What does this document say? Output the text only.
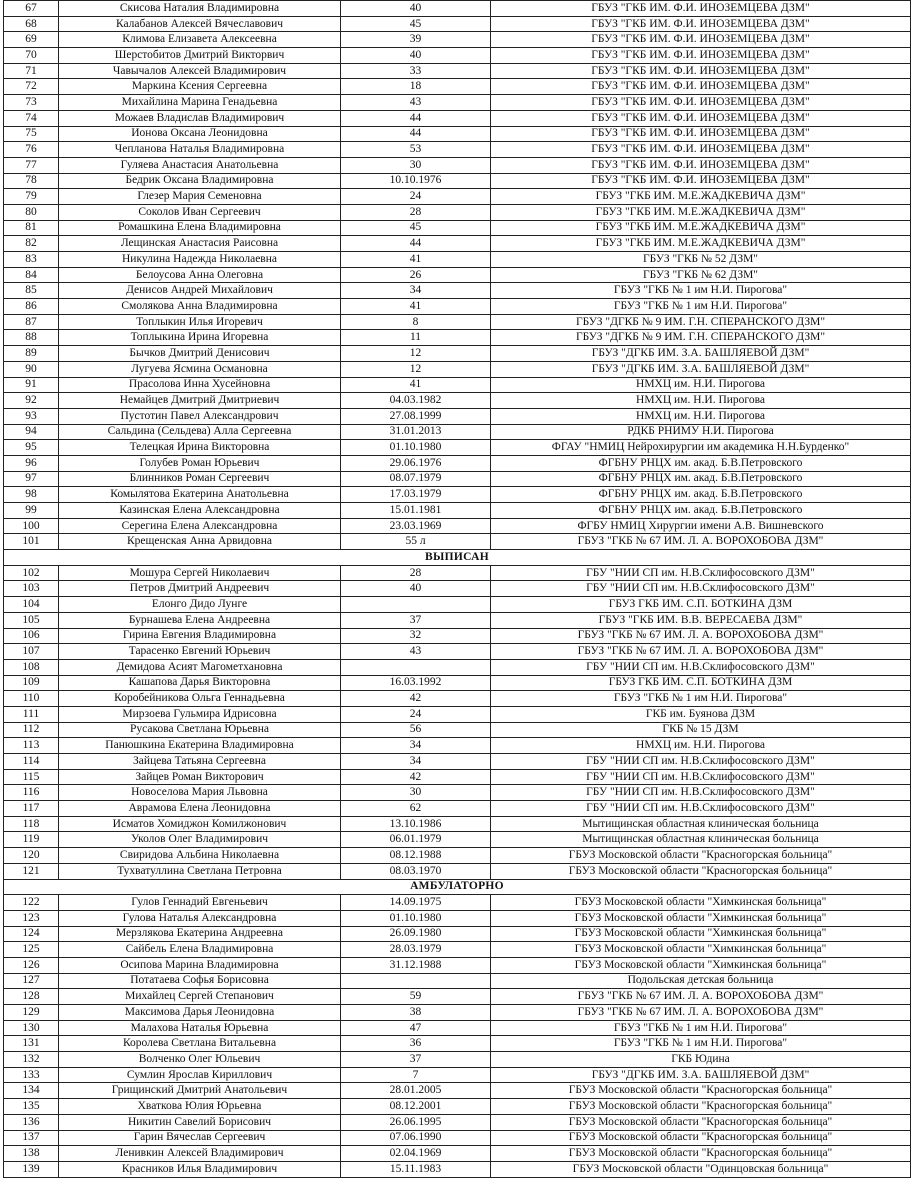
67	Скисова Наталия Владимировна	40	ГБУЗ "ГКБ ИМ. Ф.И. ИНОЗЕМЦЕВА ДЗМ"
68	Калабанов Алексей Вячеславович	45	ГБУЗ "ГКБ ИМ. Ф.И. ИНОЗЕМЦЕВА ДЗМ"
69	Климова Елизавета Алексеевна	39	ГБУЗ "ГКБ ИМ. Ф.И. ИНОЗЕМЦЕВА ДЗМ"
70	Шерстобитов Дмитрий Викторвич	40	ГБУЗ "ГКБ ИМ. Ф.И. ИНОЗЕМЦЕВА ДЗМ"
71	Чавычалов Алексей Владимирович	33	ГБУЗ "ГКБ ИМ. Ф.И. ИНОЗЕМЦЕВА ДЗМ"
72	Маркина Ксения Сергеевна	18	ГБУЗ "ГКБ ИМ. Ф.И. ИНОЗЕМЦЕВА ДЗМ"
73	Михайлина Марина Генадьевна	43	ГБУЗ "ГКБ ИМ. Ф.И. ИНОЗЕМЦЕВА ДЗМ"
74	Можаев Владислав Владимирович	44	ГБУЗ "ГКБ ИМ. Ф.И. ИНОЗЕМЦЕВА ДЗМ"
75	Ионова Оксана Леонидовна	44	ГБУЗ "ГКБ ИМ. Ф.И. ИНОЗЕМЦЕВА ДЗМ"
76	Чепланова Наталья Владимировна	53	ГБУЗ "ГКБ ИМ. Ф.И. ИНОЗЕМЦЕВА ДЗМ"
77	Гуляева Анастасия Анатольевна	30	ГБУЗ "ГКБ ИМ. Ф.И. ИНОЗЕМЦЕВА ДЗМ"
78	Бедрик Оксана Владимировна	10.10.1976	ГБУЗ "ГКБ ИМ. Ф.И. ИНОЗЕМЦЕВА ДЗМ"
79	Глезер Мария Семеновна	24	ГБУЗ "ГКБ ИМ. М.Е.ЖАДКЕВИЧА ДЗМ"
80	Соколов Иван Сергеевич	28	ГБУЗ "ГКБ ИМ. М.Е.ЖАДКЕВИЧА ДЗМ"
81	Ромашкина Елена Владимировна	45	ГБУЗ "ГКБ ИМ. М.Е.ЖАДКЕВИЧА ДЗМ"
82	Лещинская Анастасия Раисовна	44	ГБУЗ "ГКБ ИМ. М.Е.ЖАДКЕВИЧА ДЗМ"
83	Никулина Надежда Николаевна	41	ГБУЗ "ГКБ № 52 ДЗМ"
84	Белоусова Анна Олеговна	26	ГБУЗ "ГКБ № 62 ДЗМ"
85	Денисов Андрей Михайлович	34	ГБУЗ "ГКБ № 1 им Н.И. Пирогова"
86	Смолякова Анна Владимировна	41	ГБУЗ "ГКБ № 1 им Н.И. Пирогова"
87	Топлыкин Илья Игоревич	8	ГБУЗ "ДГКБ № 9 ИМ. Г.Н. СПЕРАНСКОГО ДЗМ"
88	Топлыкина Ирина Игоревна	11	ГБУЗ "ДГКБ № 9 ИМ. Г.Н. СПЕРАНСКОГО ДЗМ"
89	Бычков Дмитрий Денисович	12	ГБУЗ "ДГКБ ИМ. З.А. БАШЛЯЕВОЙ ДЗМ"
90	Лугуева Ясмина Османовна	12	ГБУЗ "ДГКБ ИМ. З.А. БАШЛЯЕВОЙ ДЗМ"
91	Прасолова Инна Хусейновна	41	НМХЦ им. Н.И. Пирогова
92	Немайцев Дмитрий Дмитриевич	04.03.1982	НМХЦ им. Н.И. Пирогова
93	Пустотин Павел Александрович	27.08.1999	НМХЦ им. Н.И. Пирогова
94	Сальдина (Сельдева) Алла Сергеевна	31.01.2013	РДКБ РНИМУ Н.И. Пирогова
95	Телецкая Ирина Викторовна	01.10.1980	ФГАУ "НМИЦ Нейрохирургии им академика Н.Н.Бурденко"
96	Голубев Роман Юрьевич	29.06.1976	ФГБНУ РНЦХ им. акад. Б.В.Петровского
97	Блинников Роман Сергеевич	08.07.1979	ФГБНУ РНЦХ им. акад. Б.В.Петровского
98	Комылятова Екатерина Анатольевна	17.03.1979	ФГБНУ РНЦХ им. акад. Б.В.Петровского
99	Казинская Елена Александровна	15.01.1981	ФГБНУ РНЦХ им. акад. Б.В.Петровского
100	Серегина Елена Александровна	23.03.1969	ФГБУ НМИЦ Хирургии имени А.В. Вишневского
101	Крещенская Анна Арвидовна	55 л	ГБУЗ "ГКБ № 67 ИМ. Л. А. ВОРОХОБОВА ДЗМ"
ВЫПИСАН			
102	Мошура Сергей Николаевич	28	ГБУ "НИИ СП им. Н.В.Склифосовского ДЗМ"
103	Петров Дмитрий Андреевич	40	ГБУ "НИИ СП им. Н.В.Склифосовского ДЗМ"
104	Елонго Дидо Лунге		ГБУЗ ГКБ ИМ. С.П. БОТКИНА ДЗМ
105	Бурнашева Елена Андреевна	37	ГБУЗ "ГКБ ИМ. В.В. ВЕРЕСАЕВА ДЗМ"
106	Гирина Евгения Владимировна	32	ГБУЗ "ГКБ № 67 ИМ. Л. А. ВОРОХОБОВА ДЗМ"
107	Тарасенко Евгений Юрьевич	43	ГБУЗ "ГКБ № 67 ИМ. Л. А. ВОРОХОБОВА ДЗМ"
108	Демидова Асият Магометхановна		ГБУ "НИИ СП им. Н.В.Склифосовского ДЗМ"
109	Кашапова Дарья Викторовна	16.03.1992	ГБУЗ ГКБ ИМ. С.П. БОТКИНА ДЗМ
110	Коробейникова Ольга Геннадьевна	42	ГБУЗ "ГКБ № 1 им Н.И. Пирогова"
111	Мирзоева Гульмира Идрисовна	24	ГКБ им. Буянова ДЗМ
112	Русакова Светлана Юрьевна	56	ГКБ № 15 ДЗМ
113	Панюшкина Екатерина Владимировна	34	НМХЦ им. Н.И. Пирогова
114	Зайцева Татьяна Сергеевна	34	ГБУ "НИИ СП им. Н.В.Склифосовского ДЗМ"
115	Зайцев Роман Викторович	42	ГБУ "НИИ СП им. Н.В.Склифосовского ДЗМ"
116	Новоселова Мария Львовна	30	ГБУ "НИИ СП им. Н.В.Склифосовского ДЗМ"
117	Аврамова Елена Леонидовна	62	ГБУ "НИИ СП им. Н.В.Склифосовского ДЗМ"
118	Исматов Хомиджон Комилжонович	13.10.1986	Мытищинская областная клиническая больница
119	Уколов Олег Владимирович	06.01.1979	Мытищинская областная клиническая больница
120	Свиридова Альбина Николаевна	08.12.1988	ГБУЗ Московской области "Красногорская больница"
121	Тухватуллина Светлана Петровна	08.03.1970	ГБУЗ Московской области "Красногорская больница"
АМБУЛАТОРНО			
122	Гулов Геннадий Евгеньевич	14.09.1975	ГБУЗ Московской области "Химкинская больница"
123	Гулова Наталья Александровна	01.10.1980	ГБУЗ Московской области "Химкинская больница"
124	Мерзлякова Екатерина Андреевна	26.09.1980	ГБУЗ Московской области "Химкинская больница"
125	Сайбель Елена Владимировна	28.03.1979	ГБУЗ Московской области "Химкинская больница"
126	Осипова Марина Владимировна	31.12.1988	ГБУЗ Московской области "Химкинская больница"
127	Потатаева Софья Борисовна		Подольская детская больница
128	Михайлец Сергей Степанович	59	ГБУЗ "ГКБ № 67 ИМ. Л. А. ВОРОХОБОВА ДЗМ"
129	Максимова Дарья Леонидовна	38	ГБУЗ "ГКБ № 67 ИМ. Л. А. ВОРОХОБОВА ДЗМ"
130	Малахова Наталья Юрьевна	47	ГБУЗ "ГКБ № 1 им Н.И. Пирогова"
131	Королева Светлана Витальевна	36	ГБУЗ "ГКБ № 1 им Н.И. Пирогова"
132	Волченко Олег Юльевич	37	ГКБ Юдина
133	Сумлин Ярослав Кириллович	7	ГБУЗ "ДГКБ ИМ. З.А. БАШЛЯЕВОЙ ДЗМ"
134	Грищинский Дмитрий Анатольевич	28.01.2005	ГБУЗ Московской области "Красногорская больница"
135	Хваткова Юлия Юрьевна	08.12.2001	ГБУЗ Московской области "Красногорская больница"
136	Никитин Савелий Борисович	26.06.1995	ГБУЗ Московской области "Красногорская больница"
137	Гарин Вячеслав Сергеевич	07.06.1990	ГБУЗ Московской области "Красногорская больница"
138	Ленивкин Алексей Владимирович	02.04.1969	ГБУЗ Московской области "Красногорская больница"
139	Красников Илья Владимирович	15.11.1983	ГБУЗ Московской области "Одинцовская больница"
